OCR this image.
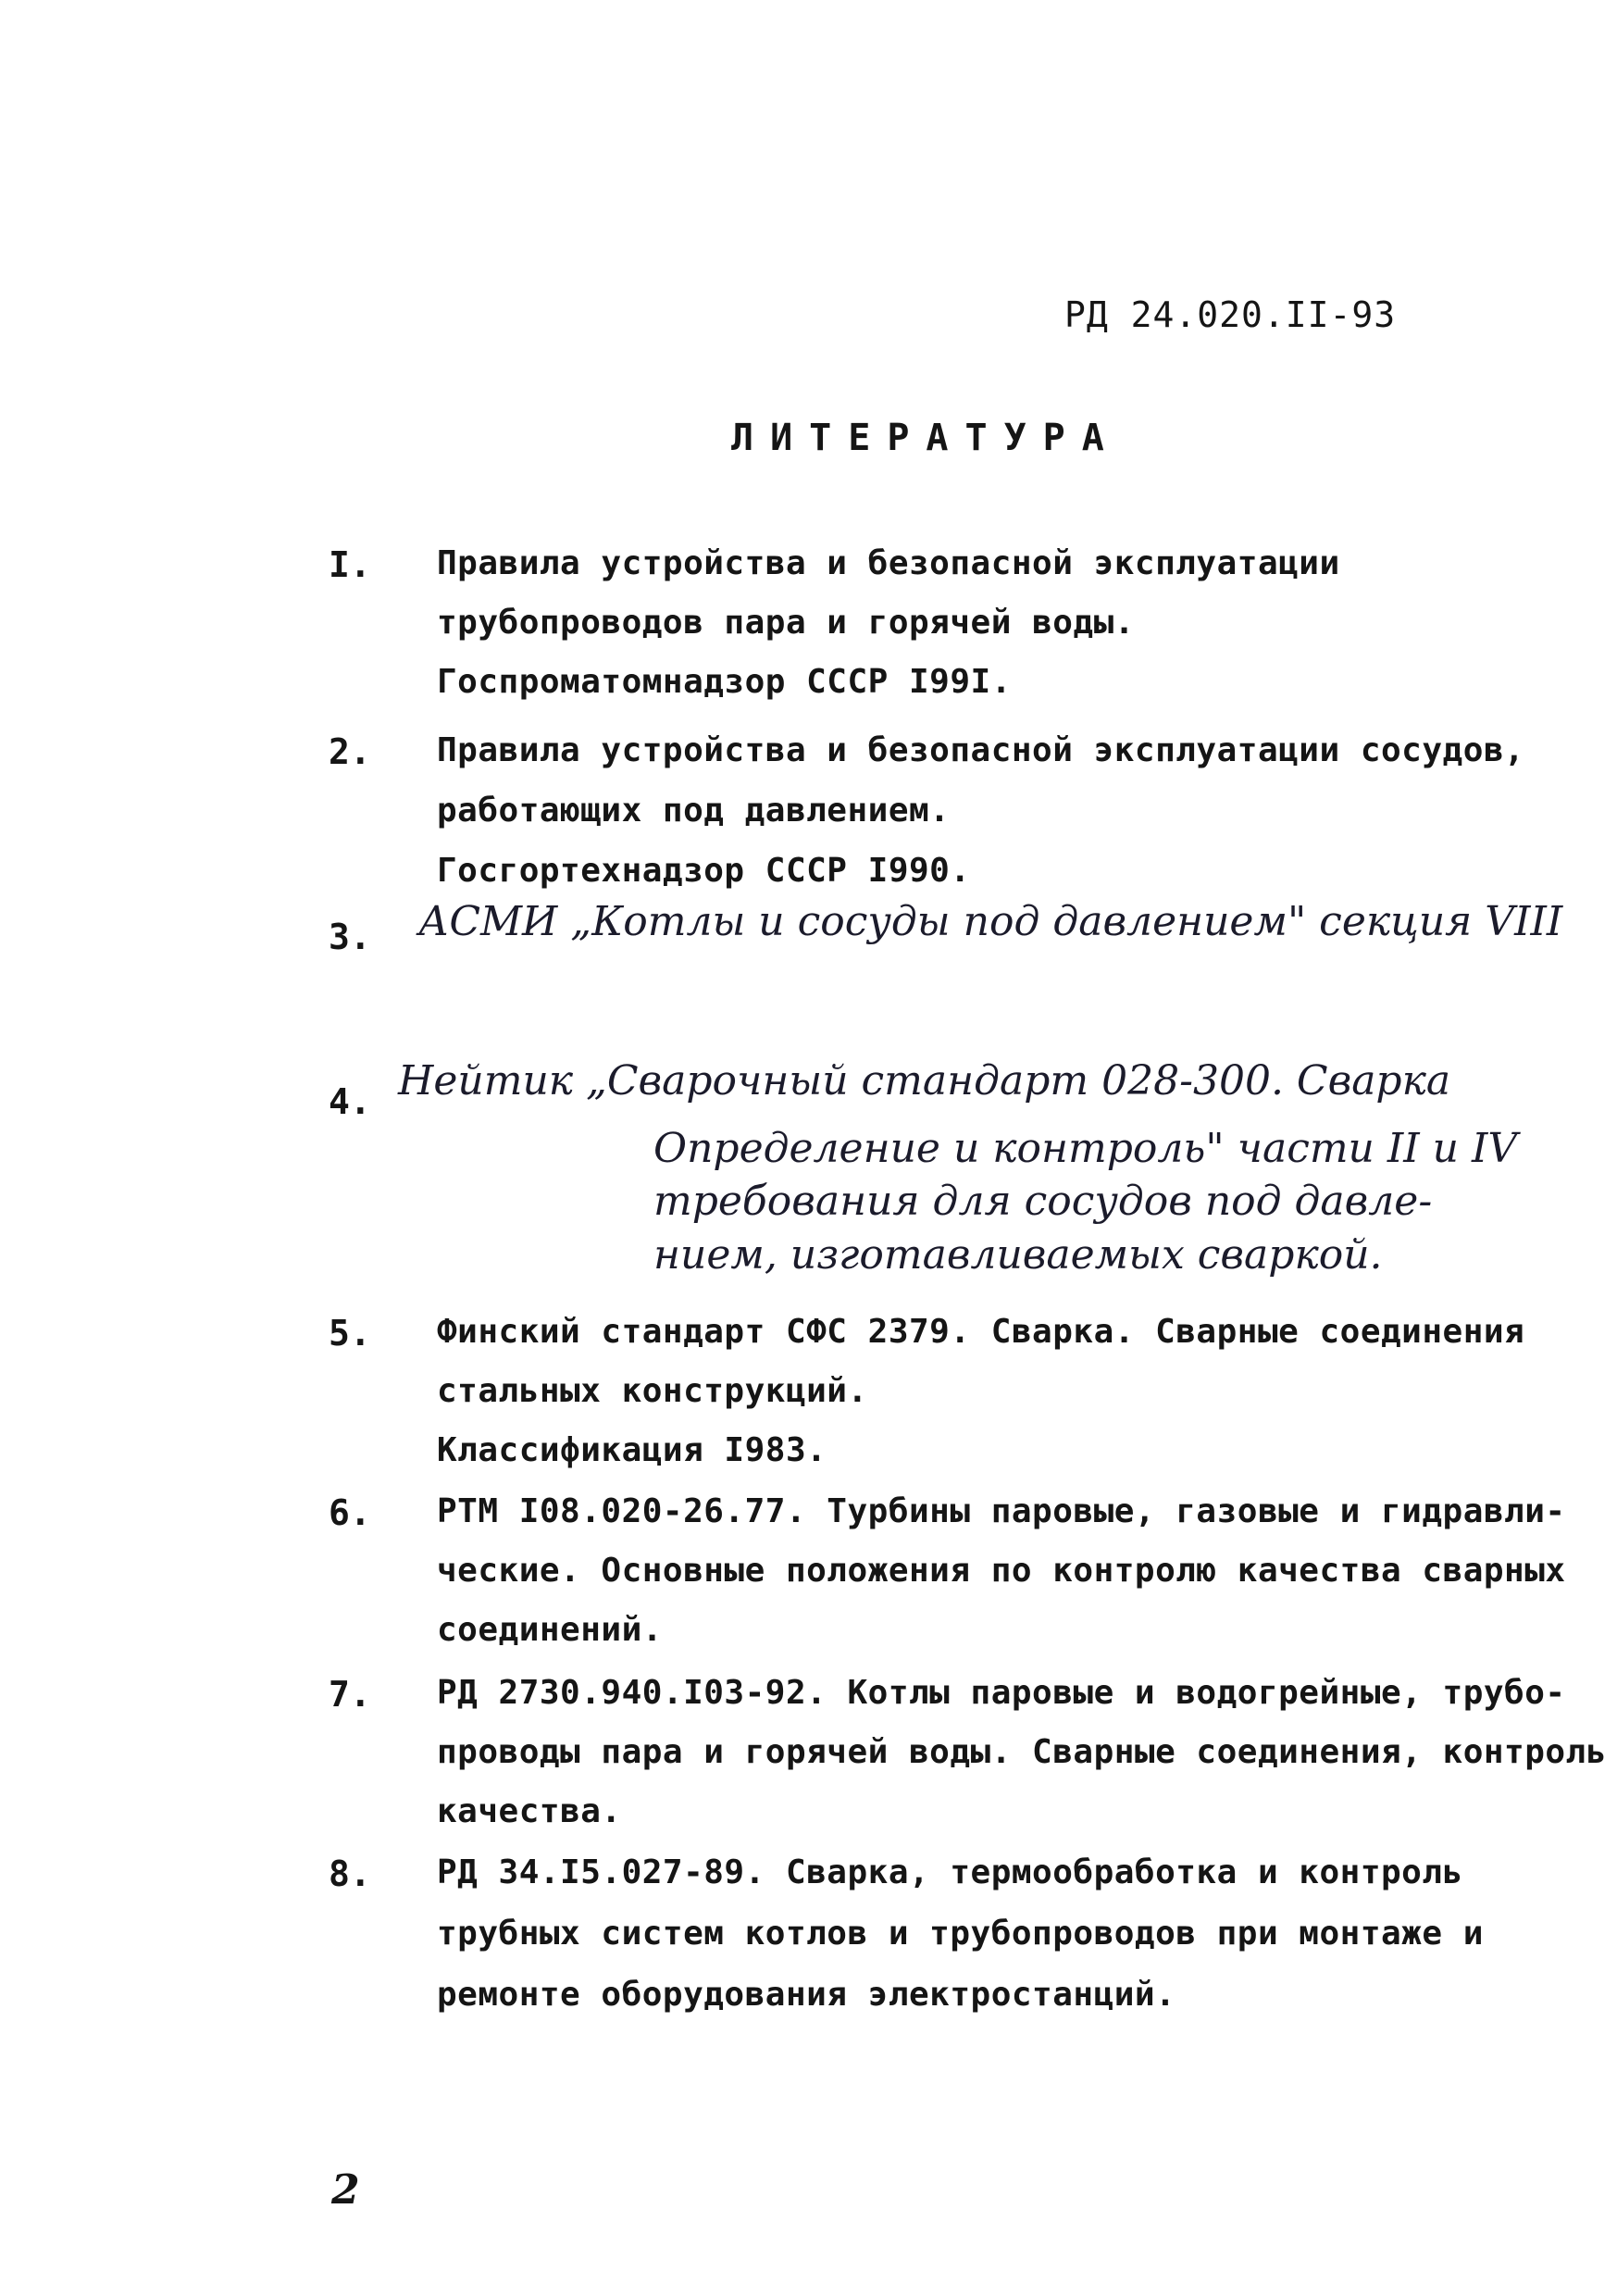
РД 24.020.II-93
ЛИТЕРАТУРА
I. Правила устройства и безопасной эксплуатации
трубопроводов пара и горячей воды.
Госпроматомнадзор СССР I99I.
2. Правила устройства и безопасной эксплуатации сосудов,
работающих под давлением.
Госгортехнадзор СССР I990.
3. АСМИ „Котлы и сосуды под давлением" секция VIII
4. Нейтик „Сварочный стандарт 028-300. Сварка
Определение и контроль" части II и IV
требования для сосудов под давле-
нием, изготавливаемых сваркой.
5. Финский стандарт СФС 2379. Сварка. Сварные соединения
стальных конструкций.
Классификация I983.
6. РТМ I08.020-26.77. Турбины паровые, газовые и гидравли-
ческие. Основные положения по контролю качества сварных
соединений.
7. РД 2730.940.I03-92. Котлы паровые и водогрейные, трубо-
проводы пара и горячей воды. Сварные соединения, контроль
качества.
8. РД 34.I5.027-89. Сварка, термообработка и контроль
трубных систем котлов и трубопроводов при монтаже и
ремонте оборудования электростанций.
2
